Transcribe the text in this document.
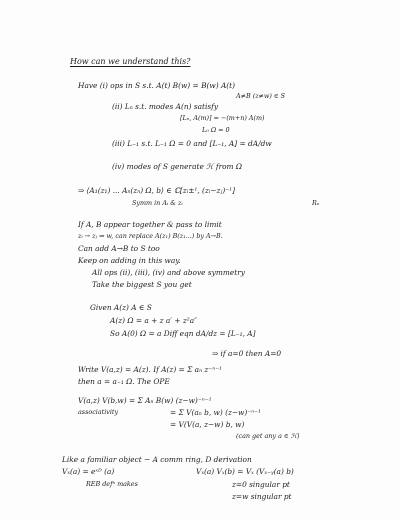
How can we understand this?

Have (i) ops in S s.t. A(t) B(w) = B(w) A(t)

A≠B (z≠w) ∈ S

(ii) Lₙ s.t. modes A(n) satisfy

[Lₙ, A(m)] = −(m+n) A(m)

L₀ Ω = 0

(iii) L₋₁ s.t. L₋₁ Ω = 0 and [L₋₁, A] = dA/dw

(iv) modes of S generate ℋ from Ω

⇒ ⟨A₁(z₁) ... Aₙ(zₙ) Ω, b⟩ ∈ ℂ[zᵢ±¹, (zᵢ−zⱼ)⁻¹]

Symm in Aᵢ & zᵢ	Rₙ

If A, B appear together & pass to limit

zᵢ → zⱼ ⇒ w, can replace A(z₁) B(z₁...) by A→B.

Can add A→B to S too

Keep on adding in this way.

All ops (ii), (iii), (iv) and above symmetry

Take the biggest S you get

Given A(z) A ∈ S

A(z) Ω = a + z a′ + z²a″

So A(0) Ω = a Diff eqn dA/dz = [L₋₁, A]

⇒ if a=0 then A=0

Write V(a,z) = A(z). If A(z) = Σ aₙ z⁻ⁿ⁻¹

then a = a₋₁ Ω. The OPE

V(a,z) V(b,w) = Σ Aₙ B(w) (z−w)⁻ⁿ⁻¹

associativity	= Σ V(aₙ b, w) (z−w)⁻ⁿ⁻¹

= V(V(a, z−w) b, w)

(can get any a ∈ ℋ)

Like a familiar object − A comm ring, D derivation

Vₓ(a) = eˣᴰ (a)	Vₓ(a) Vₓ(b) = Vₓ (Vₓ₋ᵧ(a) b)

REB defⁿ makes	z=0 singular pt

z=w singular pt
